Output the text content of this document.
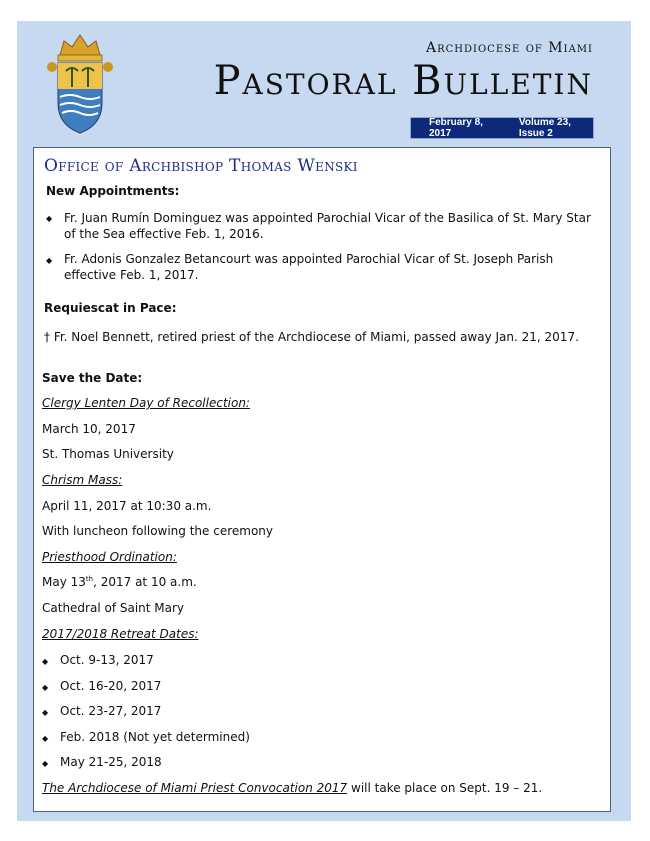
Archdiocese of Miami
Pastoral Bulletin
February 8, 2017
Volume 23, Issue 2
Office of Archbishop Thomas Wenski
New Appointments:
◆ Fr. Juan Rumín Dominguez was appointed Parochial Vicar of the Basilica of St. Mary Star of the Sea effective Feb. 1, 2016.
◆ Fr. Adonis Gonzalez Betancourt was appointed Parochial Vicar of St. Joseph Parish effective Feb. 1, 2017.
Requiescat in Pace:
† Fr. Noel Bennett, retired priest of the Archdiocese of Miami, passed away Jan. 21, 2017.
Save the Date:
Clergy Lenten Day of Recollection:
March 10, 2017
St. Thomas University
Chrism Mass:
April 11, 2017 at 10:30 a.m.
With luncheon following the ceremony
Priesthood Ordination:
May 13th, 2017 at 10 a.m.
Cathedral of Saint Mary
2017/2018 Retreat Dates:
◆ Oct. 9-13, 2017
◆ Oct. 16-20, 2017
◆ Oct. 23-27, 2017
◆ Feb. 2018 (Not yet determined)
◆ May 21-25, 2018
The Archdiocese of Miami Priest Convocation 2017 will take place on Sept. 19 – 21.
